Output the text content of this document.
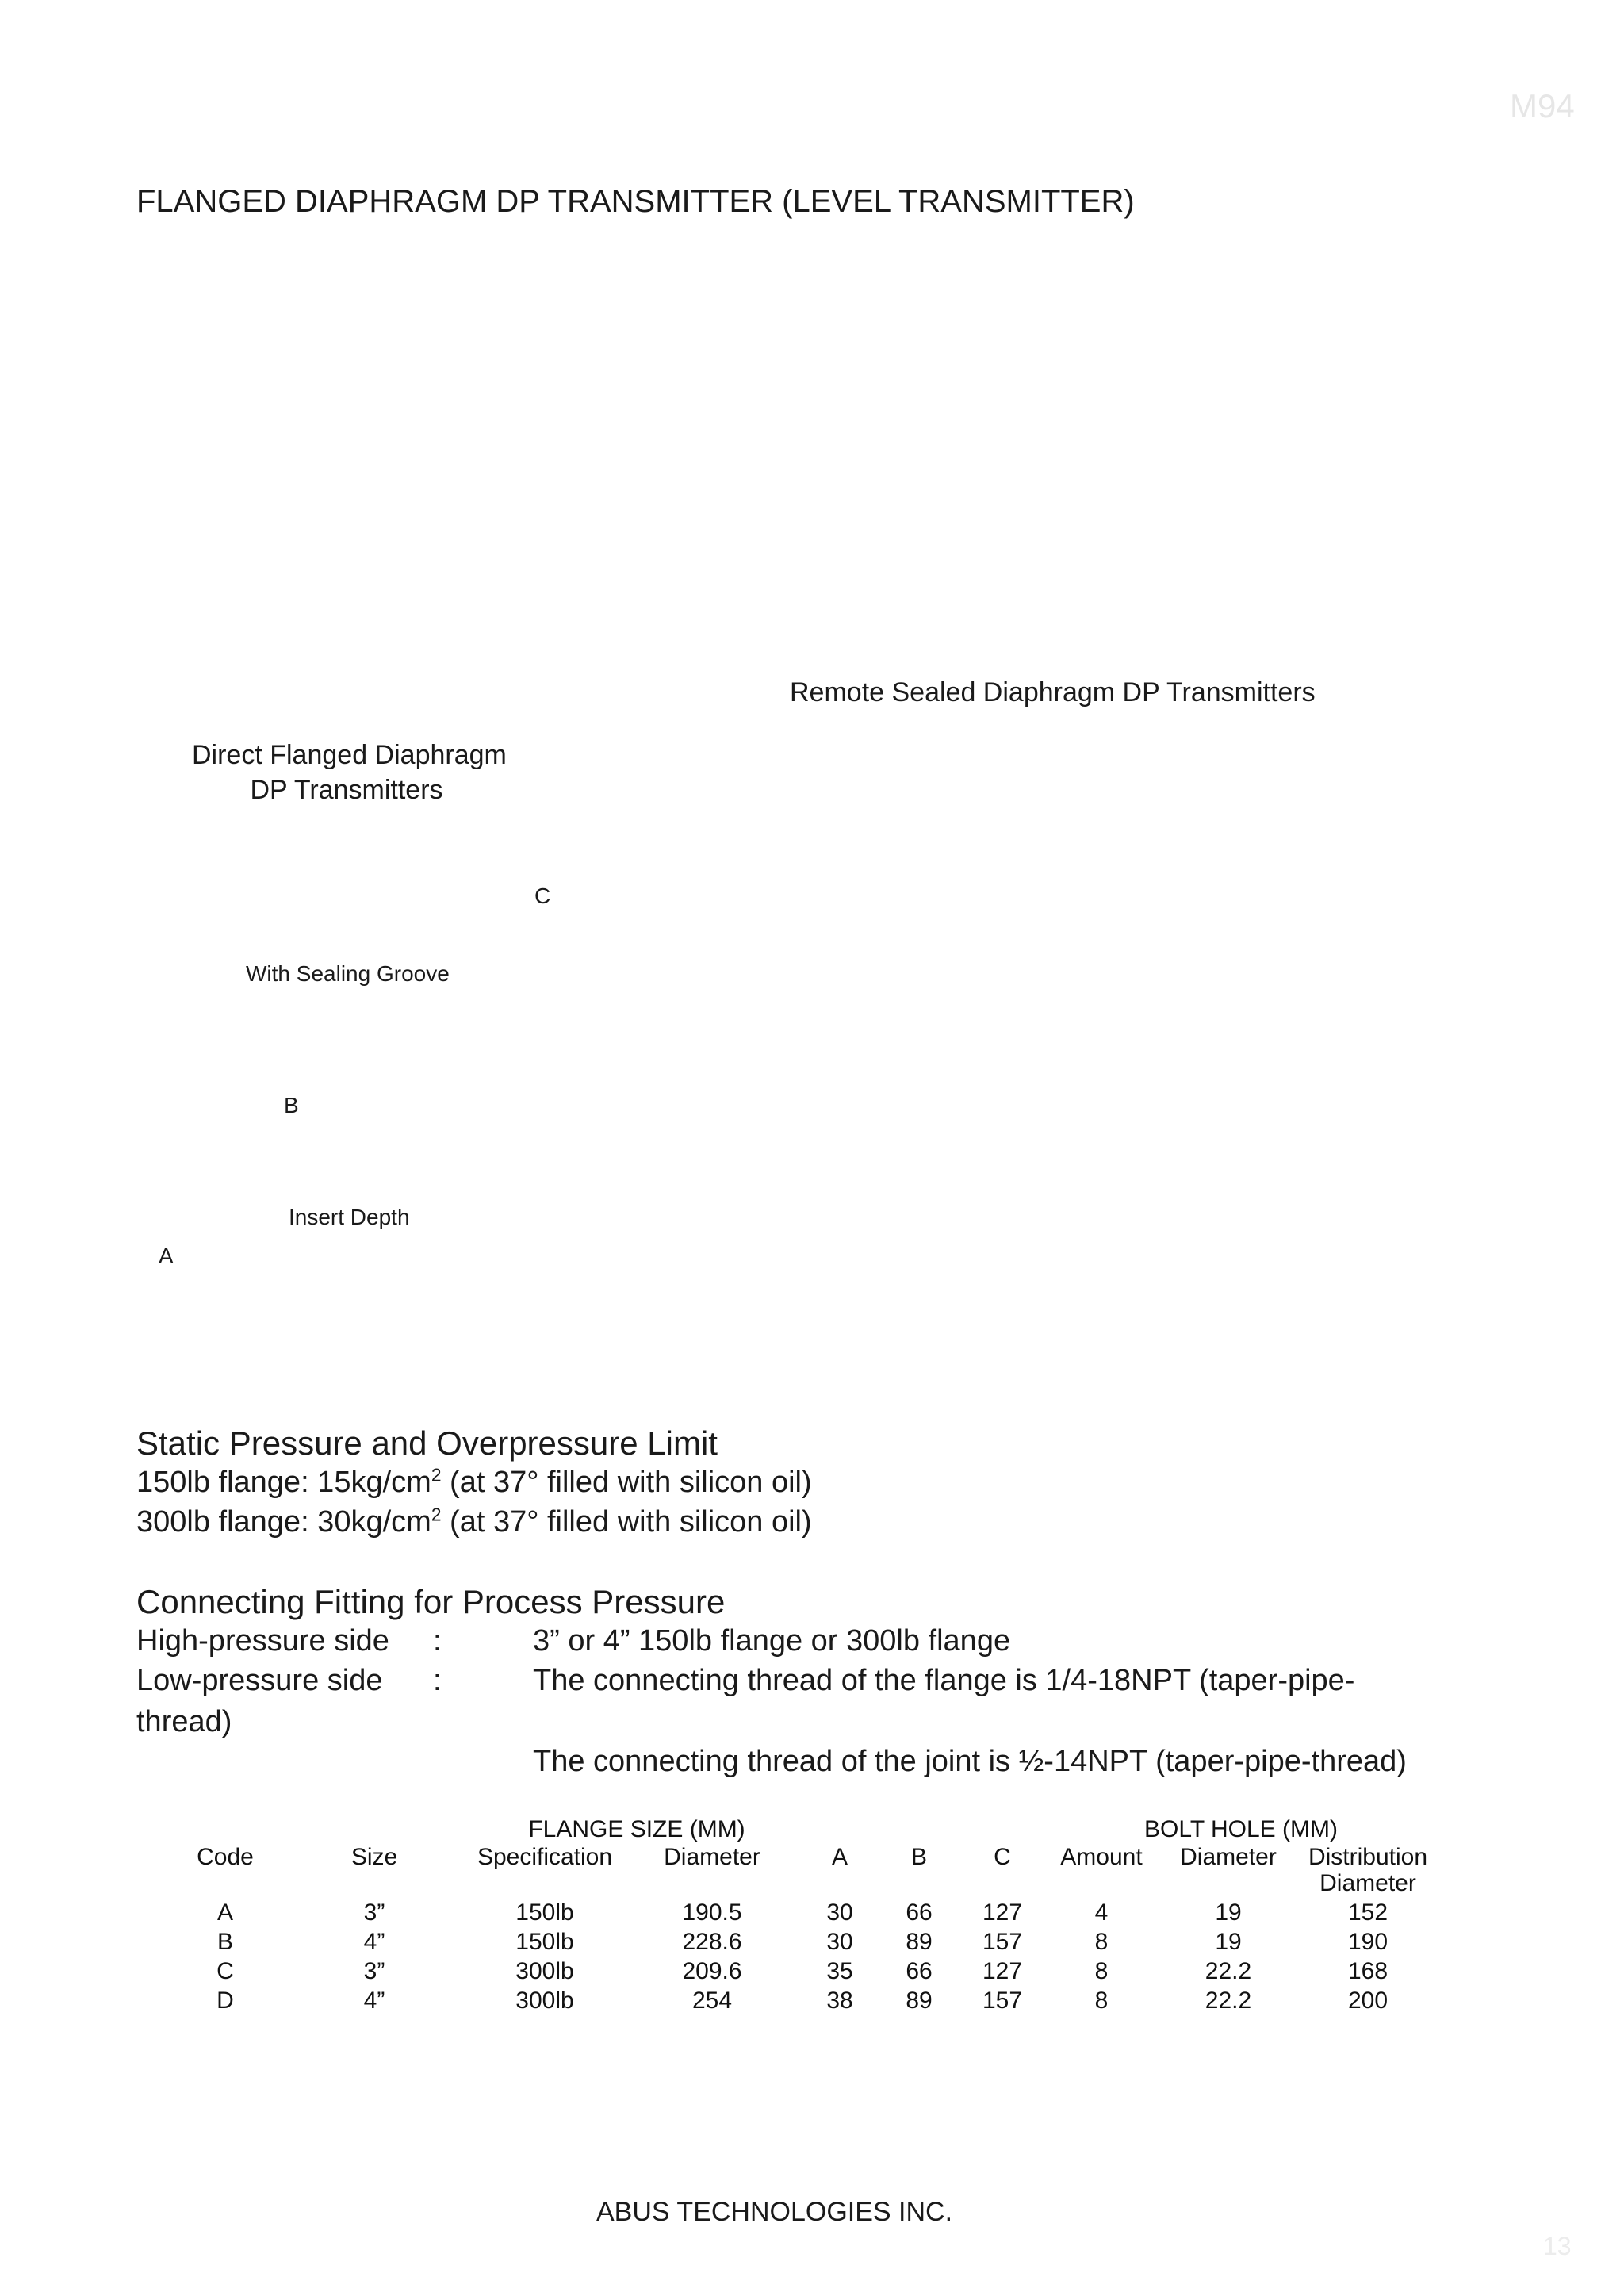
M94
FLANGED DIAPHRAGM DP TRANSMITTER (LEVEL TRANSMITTER)
Remote Sealed Diaphragm DP Transmitters
Direct Flanged Diaphragm
DP Transmitters
C
With Sealing Groove
B
Insert Depth
A
Static Pressure and Overpressure Limit
150lb flange: $15kg/cm^2$ (at 37° filled with silicon oil)
300lb flange: $30kg/cm^2$ (at 37° filled with silicon oil)
Connecting Fitting for Process Pressure
High-pressure side :	3” or 4” 150lb flange or 300lb flange
Low-pressure side :	The connecting thread of the flange is 1/4-18NPT (taper-pipe-
thread)
The connecting thread of the joint is ½-14NPT (taper-pipe-thread)
		FLANGE SIZE (MM)					BOLT HOLE (MM)		
Code	Size	Specification	Diameter	A	B	C	Amount	Diameter	Distribution Diameter
A	3”	150lb	190.5	30	66	127	4	19	152
B	4”	150lb	228.6	30	89	157	8	19	190
C	3”	300lb	209.6	35	66	127	8	22.2	168
D	4”	300lb	254	38	89	157	8	22.2	200
ABUS TECHNOLOGIES INC.
13
